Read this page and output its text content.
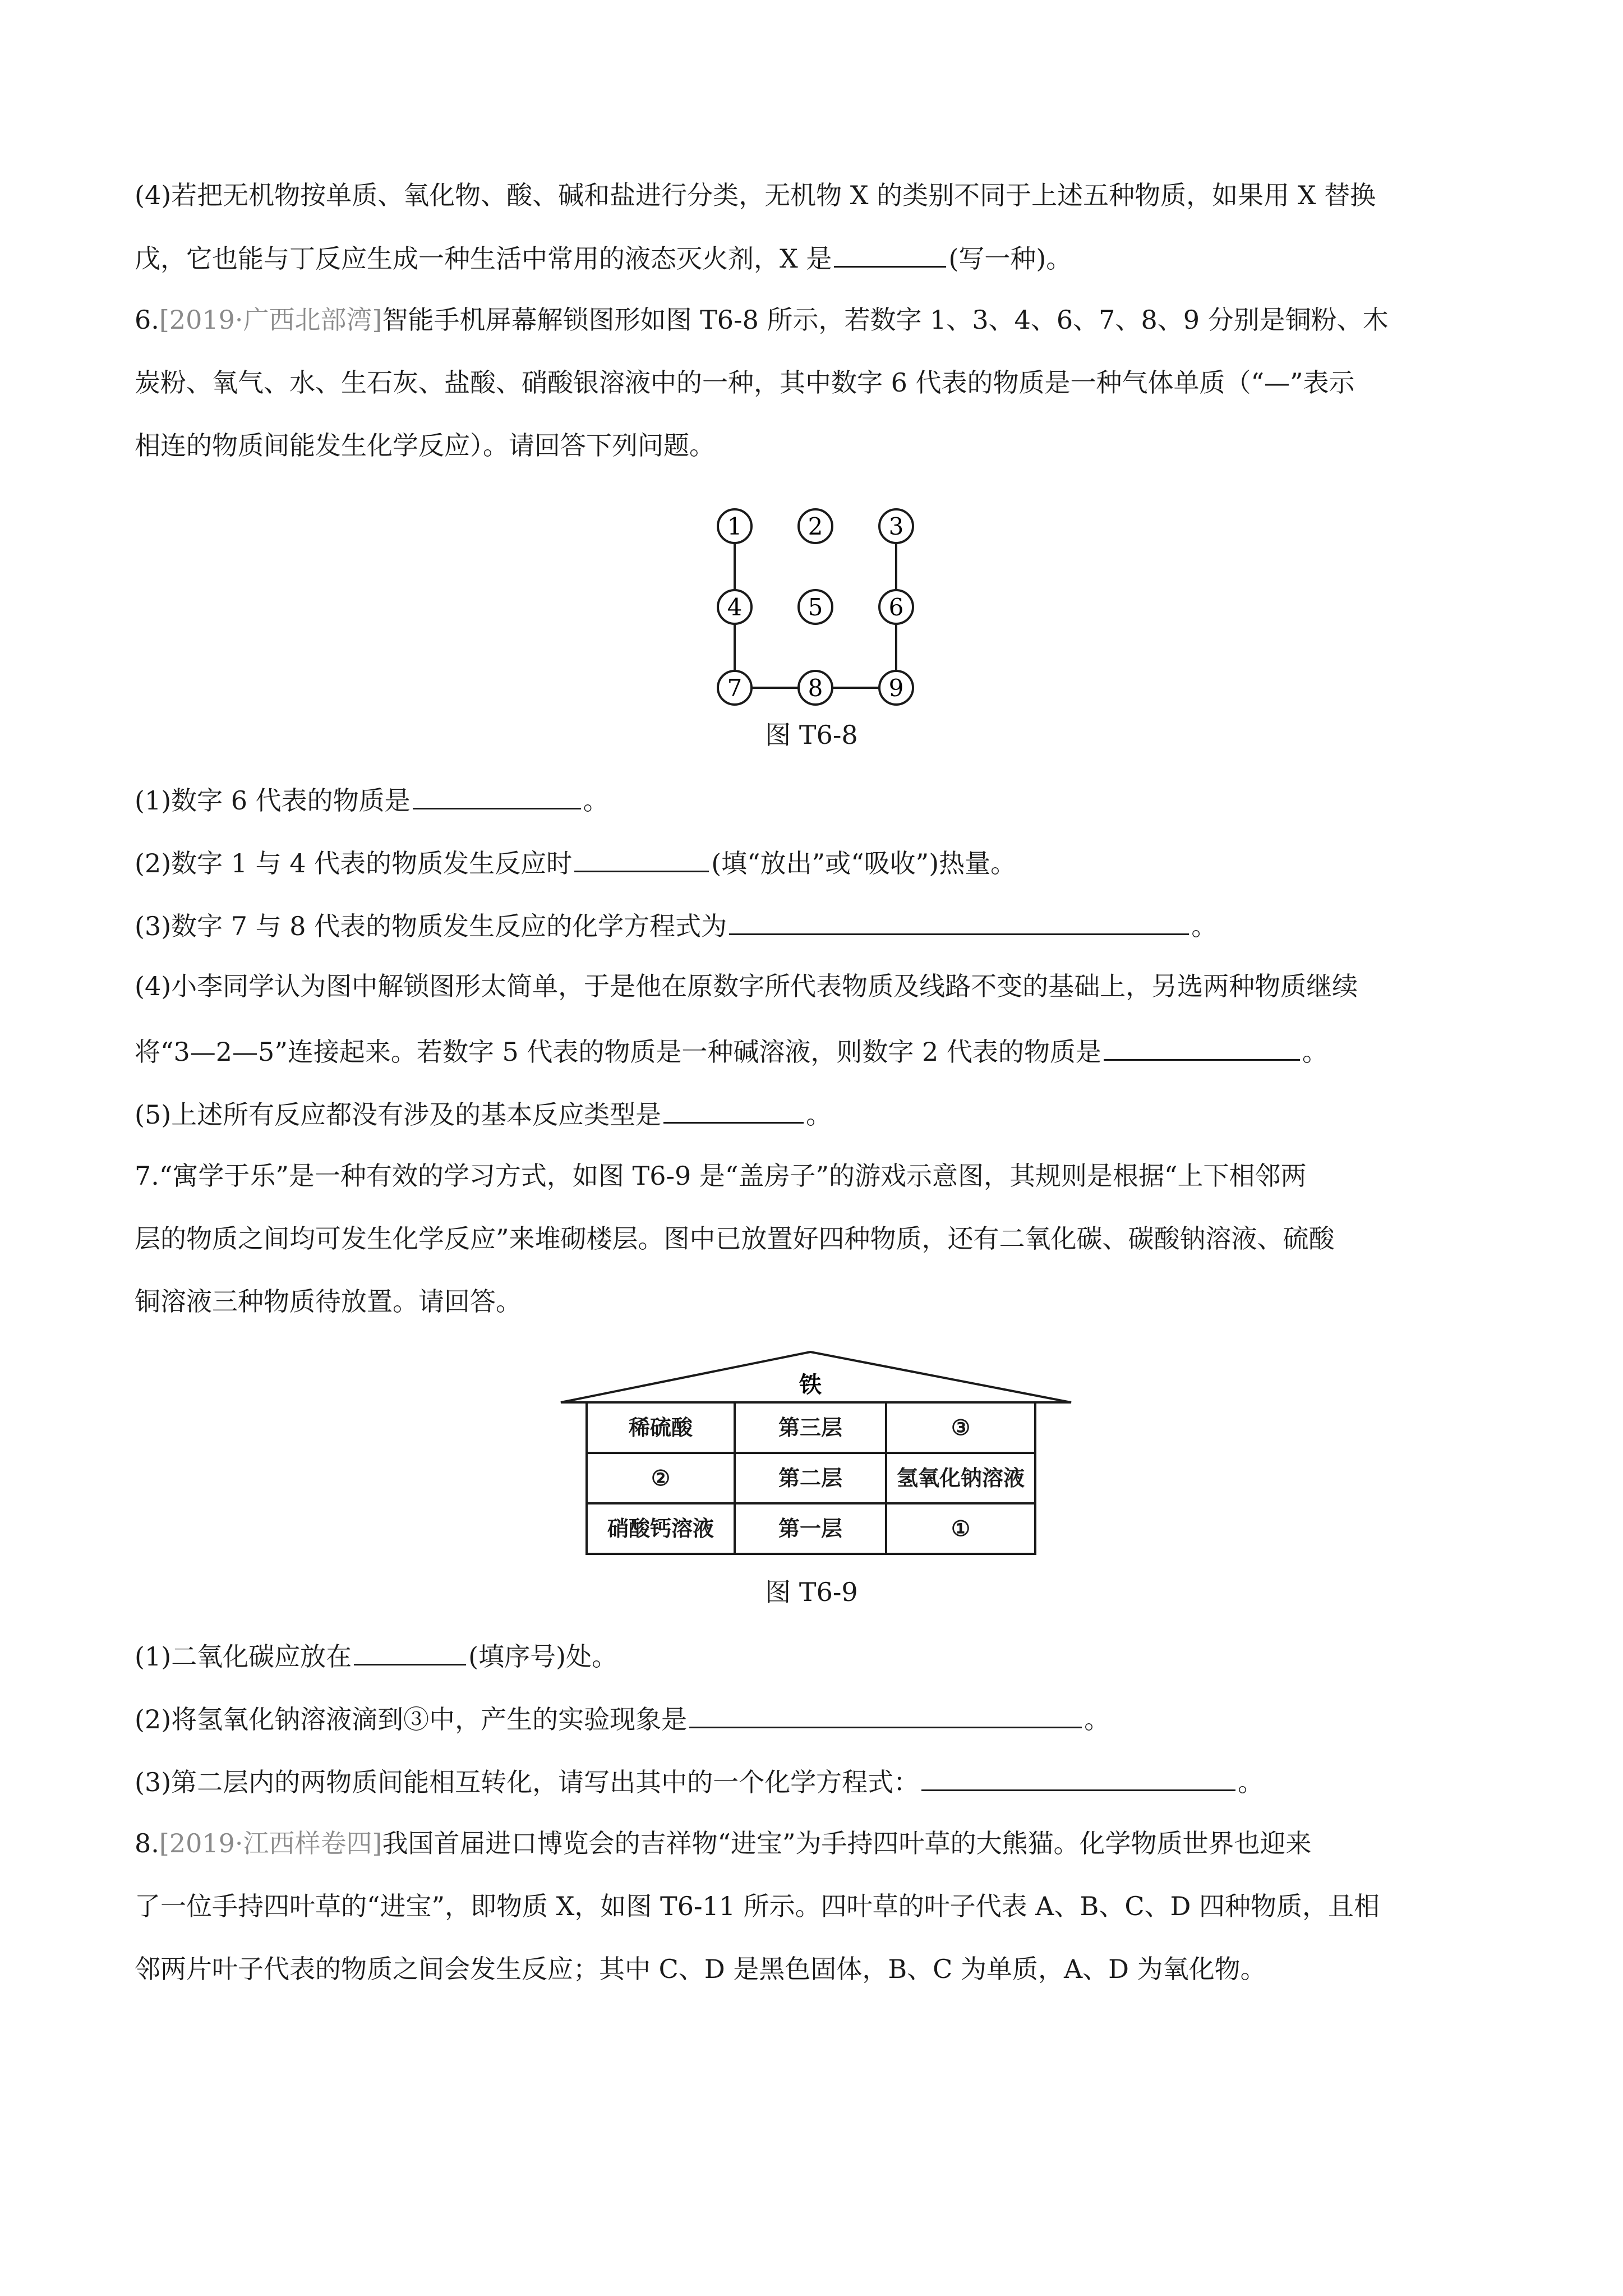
(4)若把无机物按单质、氧化物、酸、碱和盐进行分类，无机物 X 的类别不同于上述五种物质，如果用 X 替换
戊，它也能与丁反应生成一种生活中常用的液态灭火剂，X 是	(写一种)。
6.[2019·广西北部湾]智能手机屏幕解锁图形如图 T6-8 所示，若数字 1、3、4、6、7、8、9 分别是铜粉、木
炭粉、氧气、水、生石灰、盐酸、硝酸银溶液中的一种，其中数字 6 代表的物质是一种气体单质（“—”表示
相连的物质间能发生化学反应）。请回答下列问题。
1	2	3
4	5	6
7	8	9
图 T6-8
(1)数字 6 代表的物质是	。
(2)数字 1 与 4 代表的物质发生反应时	(填“放出”或“吸收”)热量。
(3)数字 7 与 8 代表的物质发生反应的化学方程式为	。
(4)小李同学认为图中解锁图形太简单，于是他在原数字所代表物质及线路不变的基础上，另选两种物质继续
将“3—2—5”连接起来。若数字 5 代表的物质是一种碱溶液，则数字 2 代表的物质是	。
(5)上述所有反应都没有涉及的基本反应类型是	。
7.“寓学于乐”是一种有效的学习方式，如图 T6-9 是“盖房子”的游戏示意图，其规则是根据“上下相邻两
层的物质之间均可发生化学反应”来堆砌楼层。图中已放置好四种物质，还有二氧化碳、碳酸钠溶液、硫酸
铜溶液三种物质待放置。请回答。
铁
稀硫酸	第三层	③
②	第二层	氢氧化钠溶液
硝酸钙溶液	第一层	①
图 T6-9
(1)二氧化碳应放在	(填序号)处。
(2)将氢氧化钠溶液滴到③中，产生的实验现象是	。
(3)第二层内的两物质间能相互转化，请写出其中的一个化学方程式：	。
8.[2019·江西样卷四]我国首届进口博览会的吉祥物“进宝”为手持四叶草的大熊猫。化学物质世界也迎来
了一位手持四叶草的“进宝”，即物质 X，如图 T6-11 所示。四叶草的叶子代表 A、B、C、D 四种物质，且相
邻两片叶子代表的物质之间会发生反应；其中 C、D 是黑色固体，B、C 为单质，A、D 为氧化物。
